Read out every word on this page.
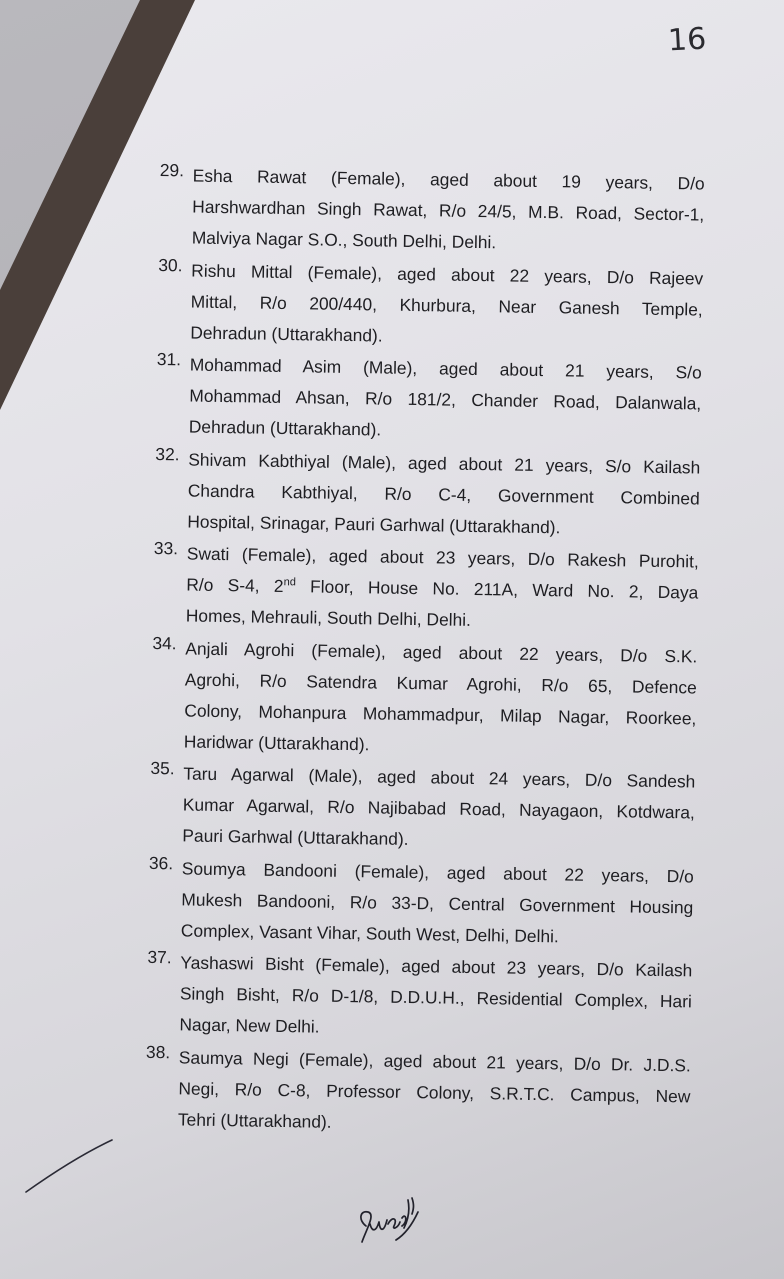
16
29. Esha Rawat (Female), aged about 19 years, D/o
Harshwardhan Singh Rawat, R/o 24/5, M.B. Road, Sector-1,
Malviya Nagar S.O., South Delhi, Delhi.
30. Rishu Mittal (Female), aged about 22 years, D/o Rajeev
Mittal, R/o 200/440, Khurbura, Near Ganesh Temple,
Dehradun (Uttarakhand).
31. Mohammad Asim (Male), aged about 21 years, S/o
Mohammad Ahsan, R/o 181/2, Chander Road, Dalanwala,
Dehradun (Uttarakhand).
32. Shivam Kabthiyal (Male), aged about 21 years, S/o Kailash
Chandra Kabthiyal, R/o C-4, Government Combined
Hospital, Srinagar, Pauri Garhwal (Uttarakhand).
33. Swati (Female), aged about 23 years, D/o Rakesh Purohit,
R/o S-4, 2nd Floor, House No. 211A, Ward No. 2, Daya
Homes, Mehrauli, South Delhi, Delhi.
34. Anjali Agrohi (Female), aged about 22 years, D/o S.K.
Agrohi, R/o Satendra Kumar Agrohi, R/o 65, Defence
Colony, Mohanpura Mohammadpur, Milap Nagar, Roorkee,
Haridwar (Uttarakhand).
35. Taru Agarwal (Male), aged about 24 years, D/o Sandesh
Kumar Agarwal, R/o Najibabad Road, Nayagaon, Kotdwara,
Pauri Garhwal (Uttarakhand).
36. Soumya Bandooni (Female), aged about 22 years, D/o
Mukesh Bandooni, R/o 33-D, Central Government Housing
Complex, Vasant Vihar, South West, Delhi, Delhi.
37. Yashaswi Bisht (Female), aged about 23 years, D/o Kailash
Singh Bisht, R/o D-1/8, D.D.U.H., Residential Complex, Hari
Nagar, New Delhi.
38. Saumya Negi (Female), aged about 21 years, D/o Dr. J.D.S.
Negi, R/o C-8, Professor Colony, S.R.T.C. Campus, New
Tehri (Uttarakhand).
